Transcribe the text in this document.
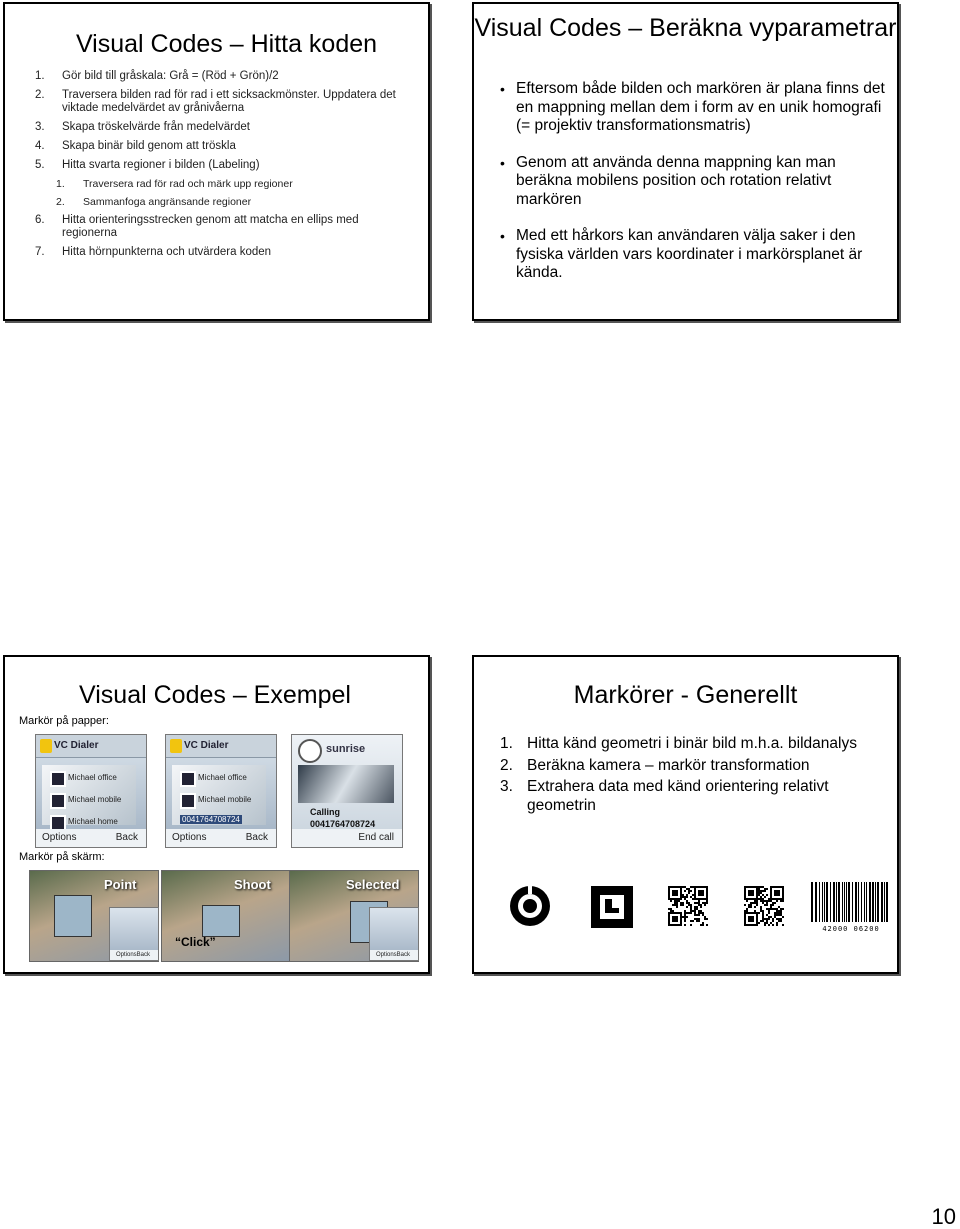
Visual Codes – Hitta koden
1. Gör bild till gråskala: Grå = (Röd + Grön)/2
2. Traversera bilden rad för rad i ett sicksackmönster. Uppdatera det viktade medelvärdet av grånivåerna
3. Skapa tröskelvärde från medelvärdet
4. Skapa binär bild genom att tröskla
5. Hitta svarta regioner i bilden (Labeling)
1. Traversera rad för rad och märk upp regioner
2. Sammanfoga angränsande regioner
6. Hitta orienteringsstrecken genom att matcha en ellips med regionerna
7. Hitta hörnpunkterna och utvärdera koden
Visual Codes – Beräkna vyparametrar
• Eftersom både bilden och markören är plana finns det en mappning mellan dem i form av en unik homografi (= projektiv transformationsmatris)
• Genom att använda denna mappning kan man beräkna mobilens position och rotation relativt markören
• Med ett hårkors kan användaren välja saker i den fysiska världen vars koordinater i markörsplanet är kända.
Visual Codes – Exempel
Markör på papper:
Markör på skärm:
VC Dialer
Michael office
Michael mobile
Michael home
Options	Back
VC Dialer
Michael office
Michael mobile
0041764708724
Options	Back
sunrise
Calling
0041764708724
End call
Point	Shoot	Selected
Options Back
“Click”
Options Back
Markörer - Generellt
1. Hitta känd geometri i binär bild m.h.a. bildanalys
2. Beräkna kamera – markör transformation
3. Extrahera data med känd orientering relativt geometrin
42000 06200
10
